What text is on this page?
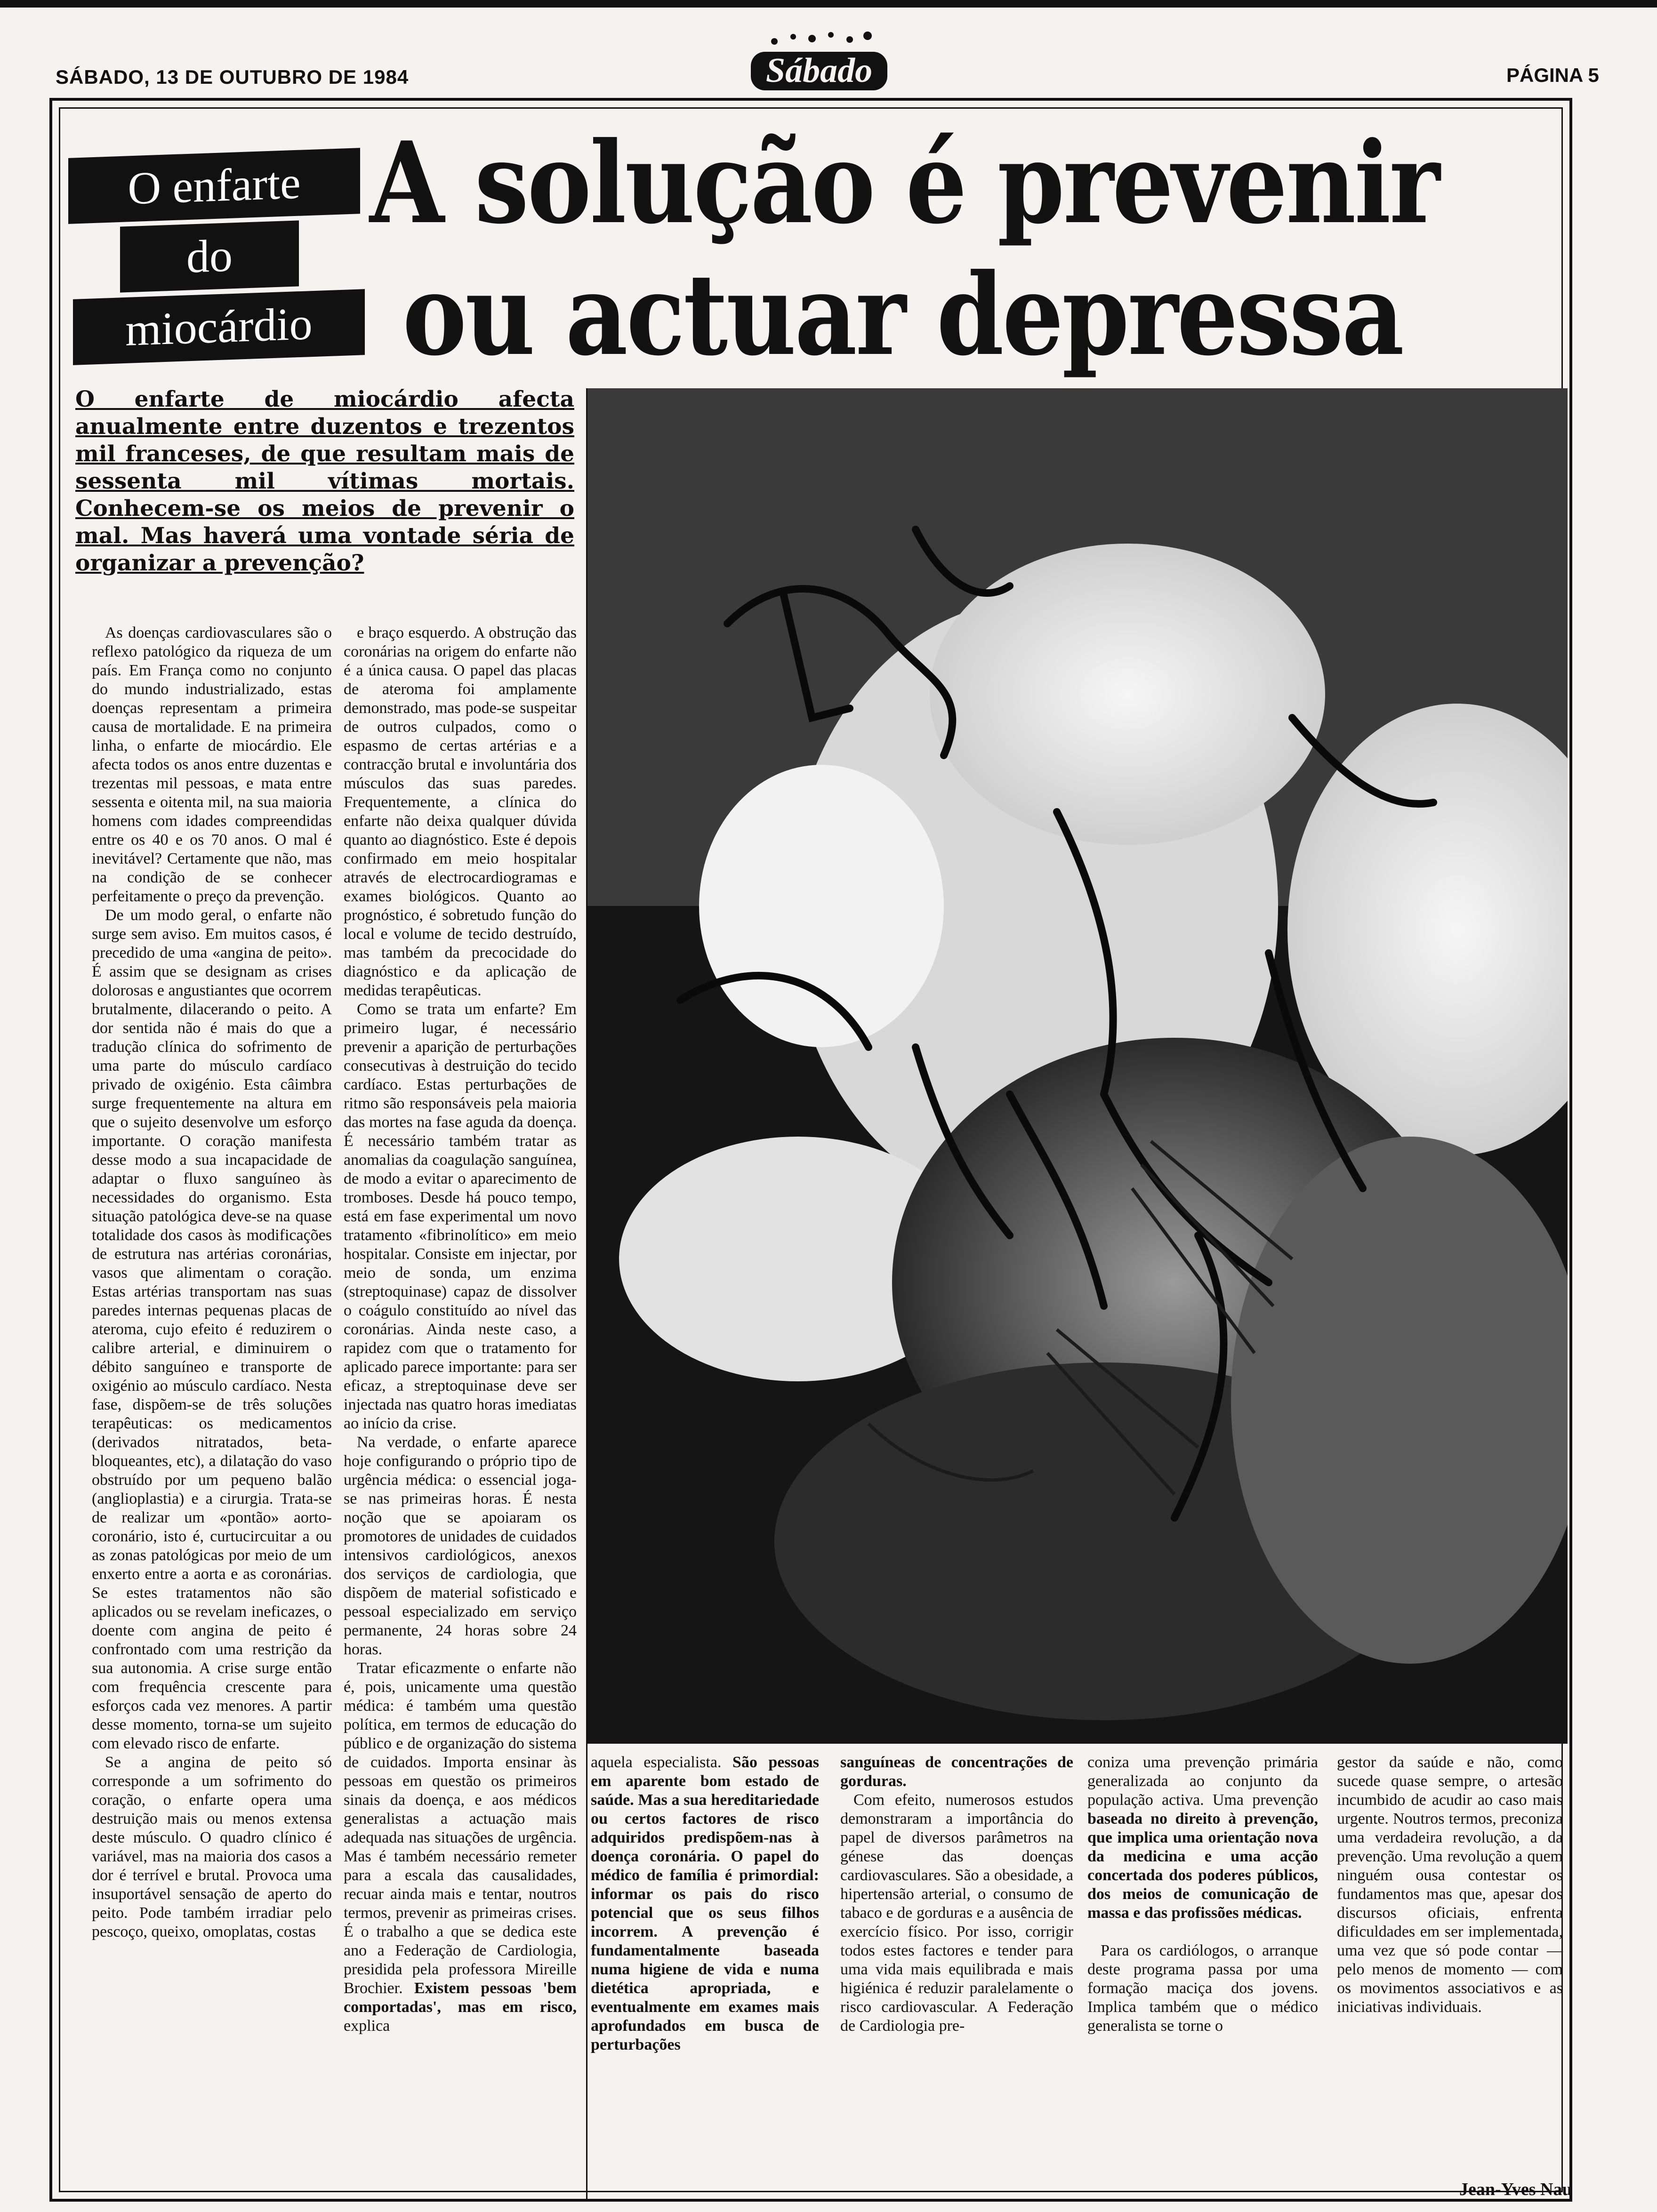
SÁBADO, 13 DE OUTUBRO DE 1984	Sábado	PÁGINA 5
O enfarte
do
miocárdio
A solução é prevenir
ou actuar depressa
O enfarte de miocárdio afecta anualmente entre duzentos e trezentos mil franceses, de que resultam mais de sessenta mil vítimas mortais. Conhecem-se os meios de prevenir o mal. Mas haverá uma vontade séria de organizar a prevenção?

As doenças cardiovasculares são o reflexo patológico da riqueza de um país. Em França como no conjunto do mundo industrializado, estas doenças representam a primeira causa de mortalidade. E na primeira linha, o enfarte de miocárdio. Ele afecta todos os anos entre duzentas e trezentas mil pessoas, e mata entre sessenta e oitenta mil, na sua maioria homens com idades compreendidas entre os 40 e os 70 anos. O mal é inevitável? Certamente que não, mas na condição de se conhecer perfeitamente o preço da prevenção.

De um modo geral, o enfarte não surge sem aviso. Em muitos casos, é precedido de uma «angina de peito». É assim que se designam as crises dolorosas e angustiantes que ocorrem brutalmente, dilacerando o peito. A dor sentida não é mais do que a tradução clínica do sofrimento de uma parte do músculo cardíaco privado de oxigénio. Esta câimbra surge frequentemente na altura em que o sujeito desenvolve um esforço importante. O coração manifesta desse modo a sua incapacidade de adaptar o fluxo sanguíneo às necessidades do organismo. Esta situação patológica deve-se na quase totalidade dos casos às modificações de estrutura nas artérias coronárias, vasos que alimentam o coração. Estas artérias transportam nas suas paredes internas pequenas placas de ateroma, cujo efeito é reduzirem o calibre arterial, e diminuirem o débito sanguíneo e transporte de oxigénio ao músculo cardíaco. Nesta fase, dispõem-se de três soluções terapêuticas: os medicamentos (derivados nitratados, beta-bloqueantes, etc), a dilatação do vaso obstruído por um pequeno balão (anglioplastia) e a cirurgia. Trata-se de realizar um «pontão» aorto-coronário, isto é, curtucircuitar a ou as zonas patológicas por meio de um enxerto entre a aorta e as coronárias. Se estes tratamentos não são aplicados ou se revelam ineficazes, o doente com angina de peito é confrontado com uma restrição da sua autonomia. A crise surge então com frequência crescente para esforços cada vez menores. A partir desse momento, torna-se um sujeito com elevado risco de enfarte.

Se a angina de peito só corresponde a um sofrimento do coração, o enfarte opera uma destruição mais ou menos extensa deste músculo. O quadro clínico é variável, mas na maioria dos casos a dor é terrível e brutal. Provoca uma insuportável sensação de aperto do peito. Pode também irradiar pelo pescoço, queixo, omoplatas, costas

e braço esquerdo. A obstrução das coronárias na origem do enfarte não é a única causa. O papel das placas de ateroma foi amplamente demonstrado, mas pode-se suspeitar de outros culpados, como o espasmo de certas artérias e a contracção brutal e involuntária dos músculos das suas paredes. Frequentemente, a clínica do enfarte não deixa qualquer dúvida quanto ao diagnóstico. Este é depois confirmado em meio hospitalar através de electrocardiogramas e exames biológicos. Quanto ao prognóstico, é sobretudo função do local e volume de tecido destruído, mas também da precocidade do diagnóstico e da aplicação de medidas terapêuticas.

Como se trata um enfarte? Em primeiro lugar, é necessário prevenir a aparição de perturbações consecutivas à destruição do tecido cardíaco. Estas perturbações de ritmo são responsáveis pela maioria das mortes na fase aguda da doença. É necessário também tratar as anomalias da coagulação sanguínea, de modo a evitar o aparecimento de tromboses. Desde há pouco tempo, está em fase experimental um novo tratamento «fibrinolítico» em meio hospitalar. Consiste em injectar, por meio de sonda, um enzima (streptoquinase) capaz de dissolver o coágulo constituído ao nível das coronárias. Ainda neste caso, a rapidez com que o tratamento for aplicado parece importante: para ser eficaz, a streptoquinase deve ser injectada nas quatro horas imediatas ao início da crise.

Na verdade, o enfarte aparece hoje configurando o próprio tipo de urgência médica: o essencial joga-se nas primeiras horas. É nesta noção que se apoiaram os promotores de unidades de cuidados intensivos cardiológicos, anexos dos serviços de cardiologia, que dispõem de material sofisticado e pessoal especializado em serviço permanente, 24 horas sobre 24 horas.

Tratar eficazmente o enfarte não é, pois, unicamente uma questão médica: é também uma questão política, em termos de educação do público e de organização do sistema de cuidados. Importa ensinar às pessoas em questão os primeiros sinais da doença, e aos médicos generalistas a actuação mais adequada nas situações de urgência. Mas é também necessário remeter para a escala das causalidades, recuar ainda mais e tentar, noutros termos, prevenir as primeiras crises. É o trabalho a que se dedica este ano a Federação de Cardiologia, presidida pela professora Mireille Brochier. Existem pessoas 'bem comportadas', mas em risco, explica

aquela especialista. São pessoas em aparente bom estado de saúde. Mas a sua hereditariedade ou certos factores de risco adquiridos predispõem-nas à doença coronária. O papel do médico de família é primordial: informar os pais do risco potencial que os seus filhos incorrem. A prevenção é fundamentalmente baseada numa higiene de vida e numa dietética apropriada, e eventualmente em exames mais aprofundados em busca de perturbações

sanguíneas de concentrações de gorduras.

Com efeito, numerosos estudos demonstraram a importância do papel de diversos parâmetros na génese das doenças cardiovasculares. São a obesidade, a hipertensão arterial, o consumo de tabaco e de gorduras e a ausência de exercício físico. Por isso, corrigir todos estes factores e tender para uma vida mais equilibrada e mais higiénica é reduzir paralelamente o risco cardiovascular. A Federação de Cardiologia pre-

coniza uma prevenção primária generalizada ao conjunto da população activa. Uma prevenção baseada no direito à prevenção, que implica uma orientação nova da medicina e uma acção concertada dos poderes públicos, dos meios de comunicação de massa e das profissões médicas.

Para os cardiólogos, o arranque deste programa passa por uma formação maciça dos jovens. Implica também que o médico generalista se torne o

gestor da saúde e não, como sucede quase sempre, o artesão incumbido de acudir ao caso mais urgente. Noutros termos, preconiza uma verdadeira revolução, a da prevenção. Uma revolução a quem ninguém ousa contestar os fundamentos mas que, apesar dos discursos oficiais, enfrenta dificuldades em ser implementada, uma vez que só pode contar — pelo menos de momento — com os movimentos associativos e as iniciativas individuais.

Jean-Yves Nau
